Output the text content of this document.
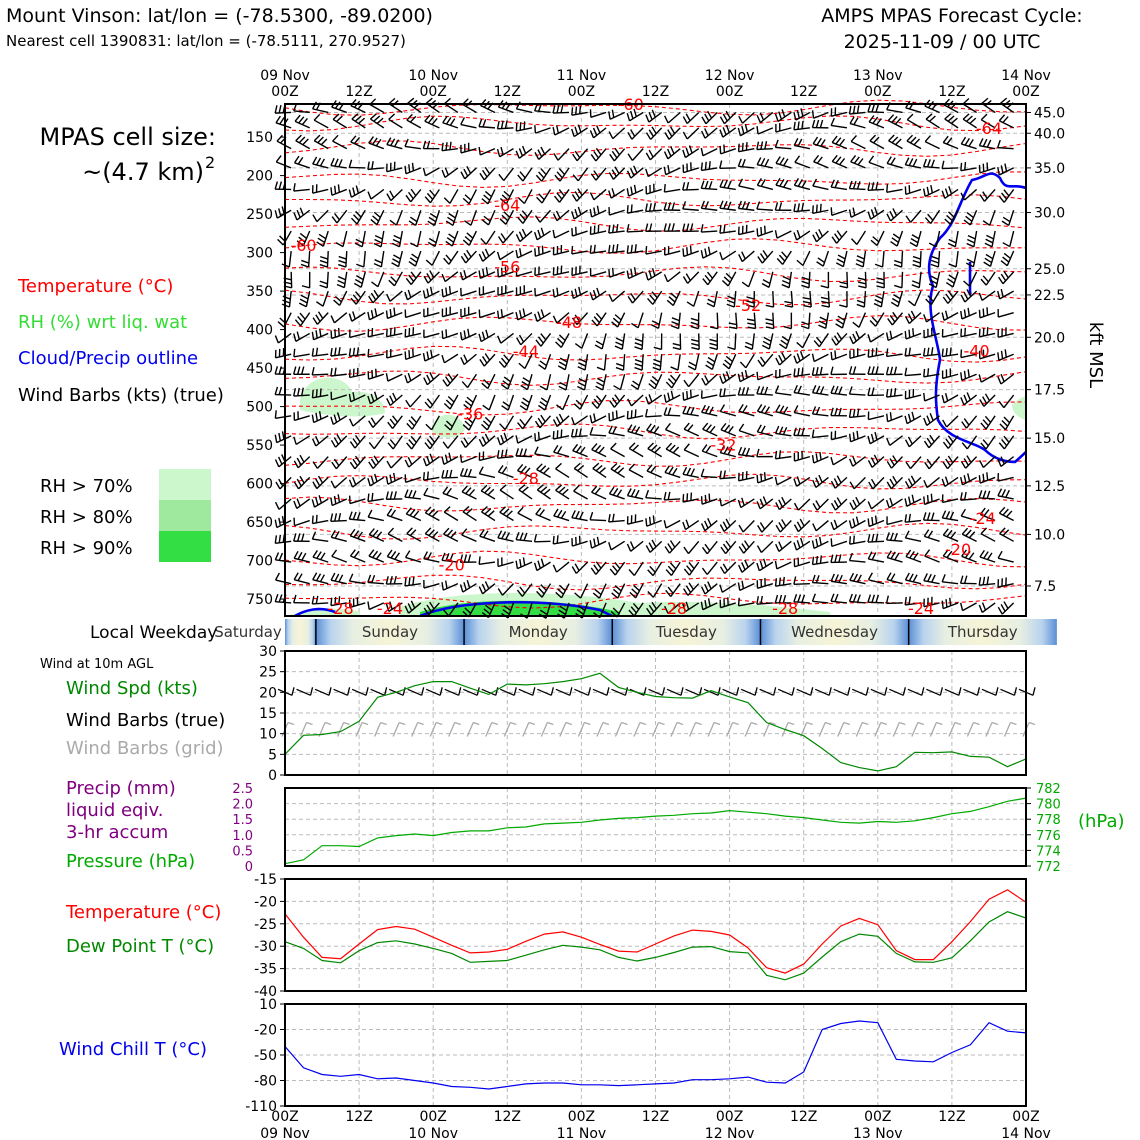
Mount Vinson: lat/lon = (-78.5300, -89.0200)
Nearest cell 1390831: lat/lon = (-78.5111, 270.9527)
AMPS MPAS Forecast Cycle:
2025-11-09 / 00 UTC
MPAS cell size:
~(4.7 km) 2
Temperature (°C)
RH (%) wrt liq. wat
Cloud/Precip outline
Wind Barbs (kts) (true)
RH > 70%
RH > 80%
RH > 90%
-60
-64
-64
-60
-56
-52
-48
-44	-40
-36
-32
-28
-24
-20
-20
-24
-28	-28	-28	-24
150
200
250
300
350
400
450
500
550
600
650
700
750
45.0
40.0
35.0
30.0
25.0
22.5
20.0
17.5
15.0
12.5
10.0
7.5
kft MSL
09 Nov
00Z	12Z
10 Nov
00Z	12Z
11 Nov
00Z	12Z
12 Nov
00Z	12Z
13 Nov
00Z	12Z
14 Nov
00Z
Saturday	Sunday	Monday	Tuesday	Wednesday	Thursday
Local Weekday
Wind at 10m AGL
Wind Spd (kts)
Wind Barbs (true)
Wind Barbs (grid)
Precip (mm)
liquid eqiv.
3-hr accum
Pressure (hPa)
(hPa)
Temperature (°C)
Dew Point T (°C)
Wind Chill T (°C)
0
5
10
15
20
25
30
772
774
776
778
780
782
0
0.5
1.0
1.5
2.0
2.5
-40
-35
-30
-25
-20
-15
-110
-80
-50
-20
10
00Z
09 Nov
12Z	00Z
10 Nov
12Z	00Z
11 Nov
12Z	00Z
12 Nov
12Z	00Z
13 Nov
12Z	00Z
14 Nov
